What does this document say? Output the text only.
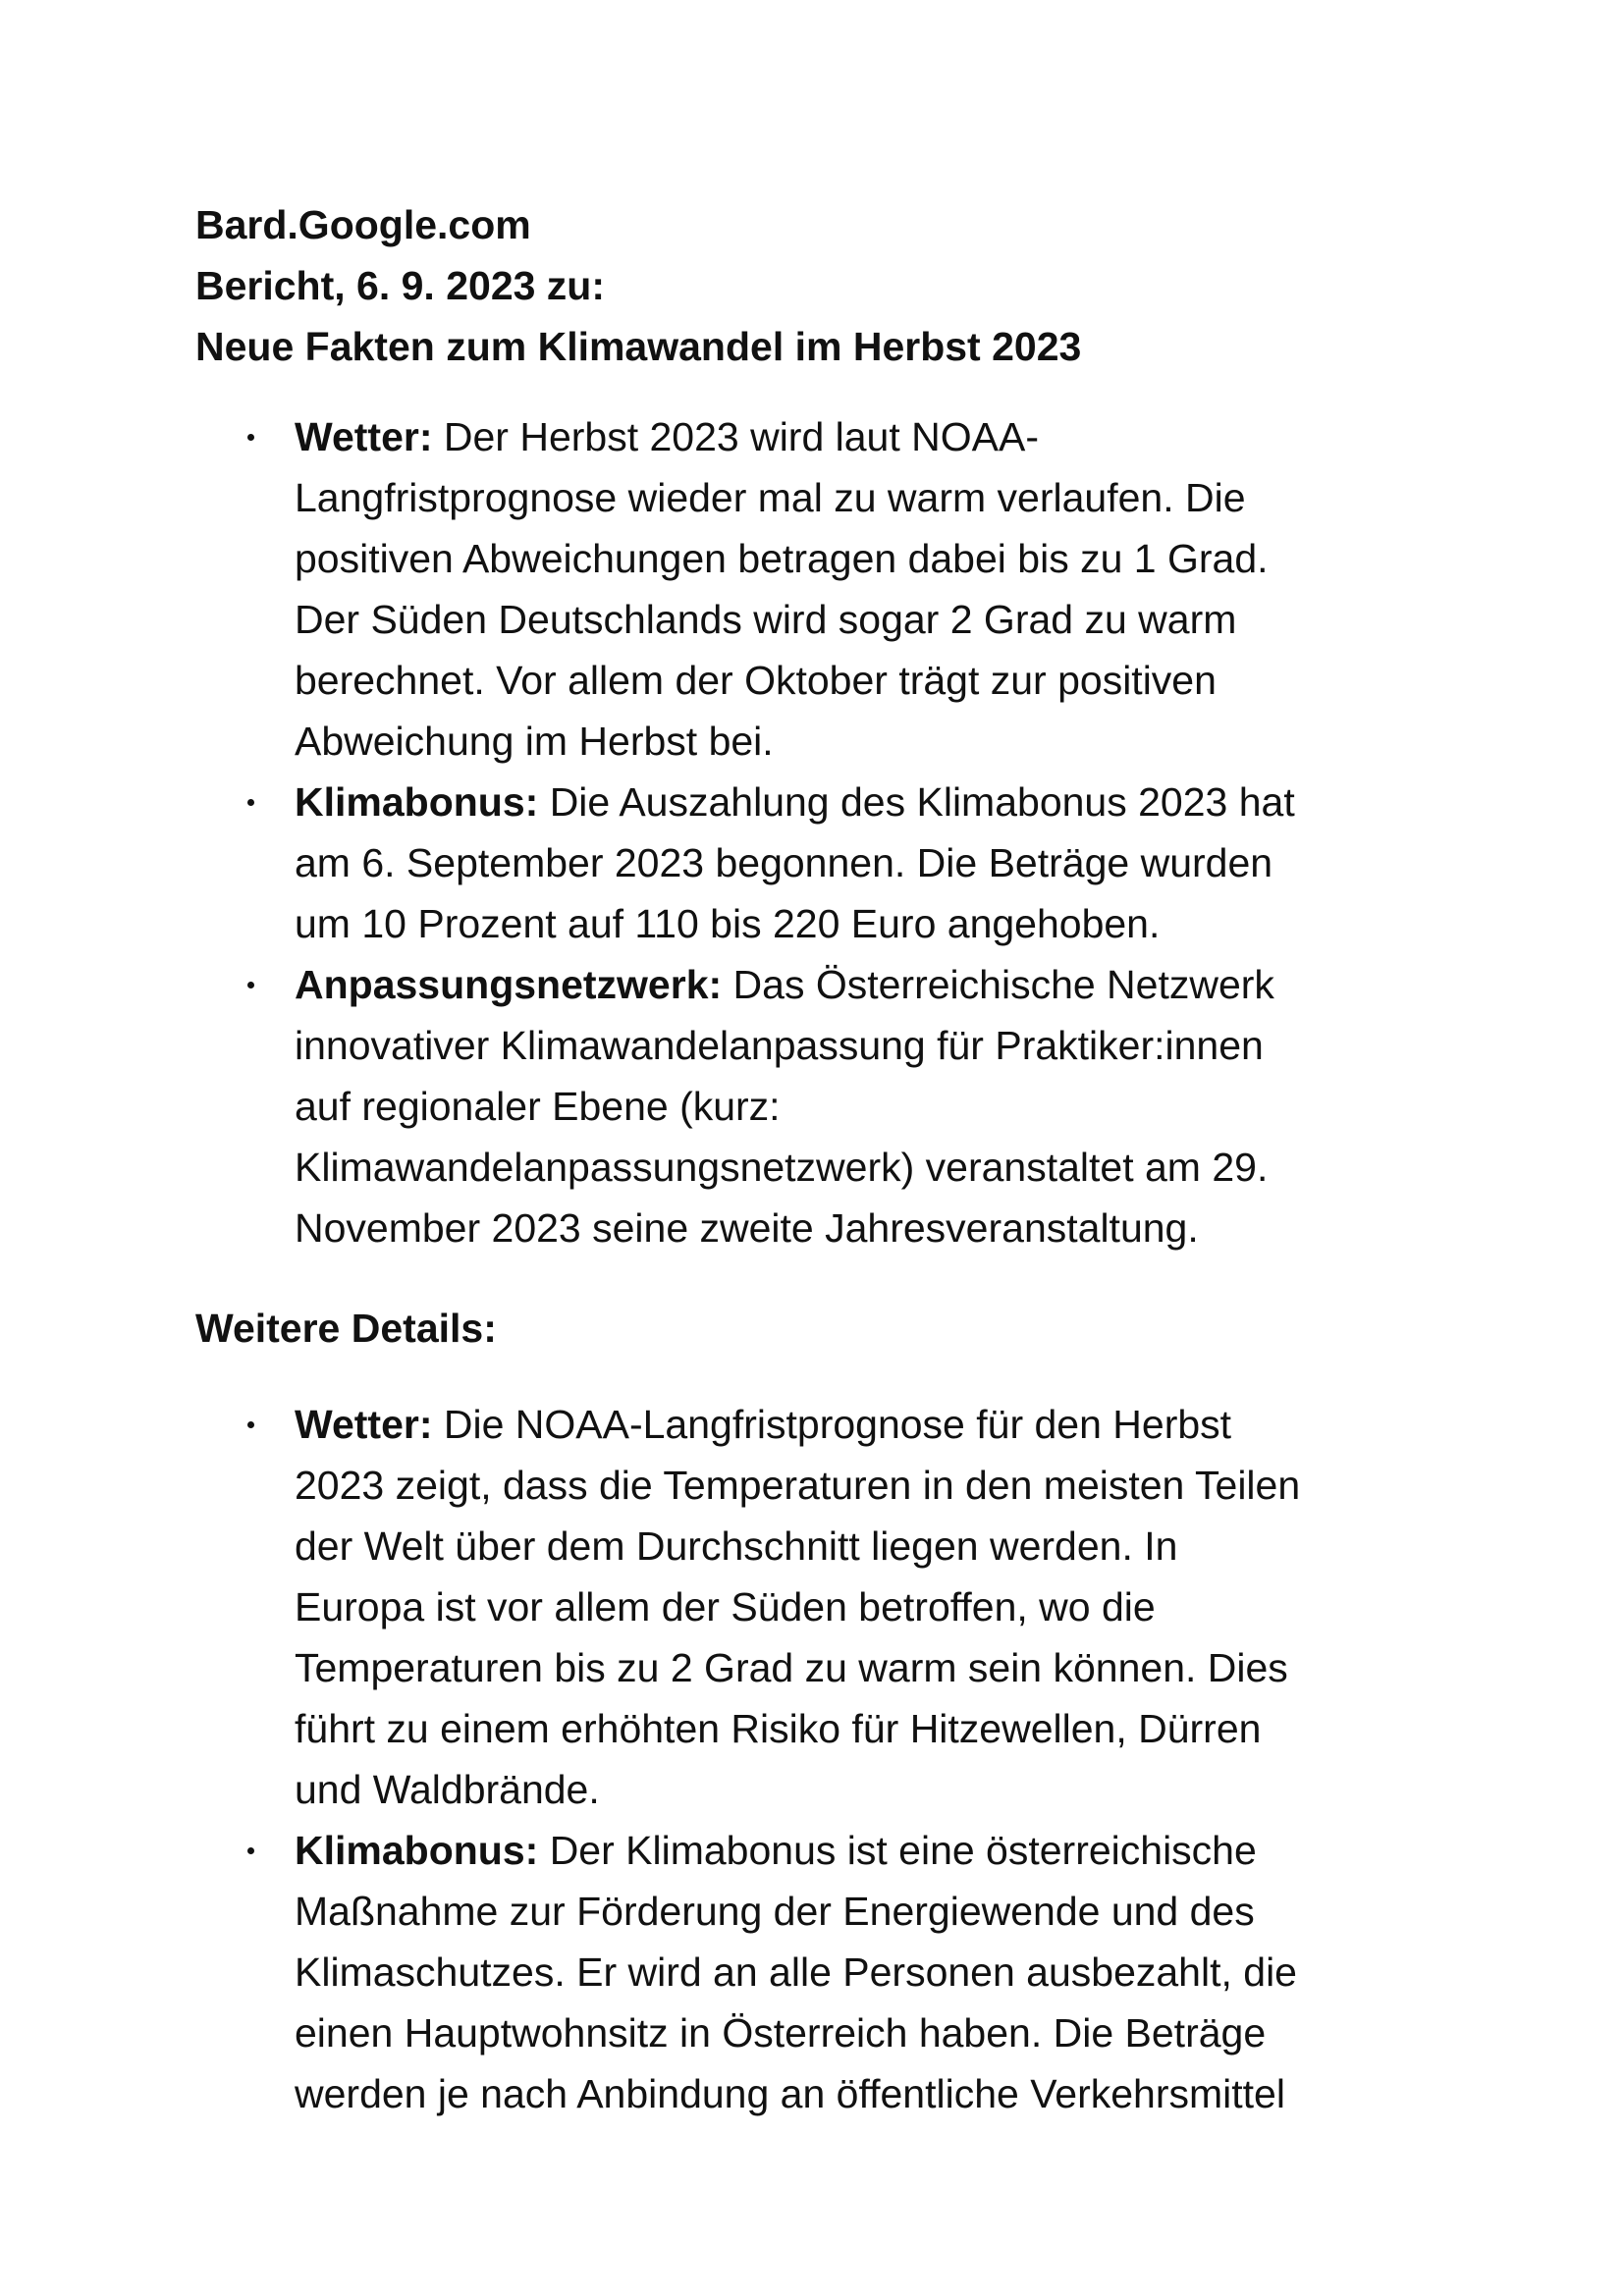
Bard.Google.com
Bericht, 6. 9. 2023 zu:
Neue Fakten zum Klimawandel im Herbst 2023
Wetter: Der Herbst 2023 wird laut NOAA-
Langfristprognose wieder mal zu warm verlaufen. Die
positiven Abweichungen betragen dabei bis zu 1 Grad.
Der Süden Deutschlands wird sogar 2 Grad zu warm
berechnet. Vor allem der Oktober trägt zur positiven
Abweichung im Herbst bei.
Klimabonus: Die Auszahlung des Klimabonus 2023 hat
am 6. September 2023 begonnen. Die Beträge wurden
um 10 Prozent auf 110 bis 220 Euro angehoben.
Anpassungsnetzwerk: Das Österreichische Netzwerk
innovativer Klimawandelanpassung für Praktiker:innen
auf regionaler Ebene (kurz:
Klimawandelanpassungsnetzwerk) veranstaltet am 29.
November 2023 seine zweite Jahresveranstaltung.
Weitere Details:
Wetter: Die NOAA-Langfristprognose für den Herbst
2023 zeigt, dass die Temperaturen in den meisten Teilen
der Welt über dem Durchschnitt liegen werden. In
Europa ist vor allem der Süden betroffen, wo die
Temperaturen bis zu 2 Grad zu warm sein können. Dies
führt zu einem erhöhten Risiko für Hitzewellen, Dürren
und Waldbrände.
Klimabonus: Der Klimabonus ist eine österreichische
Maßnahme zur Förderung der Energiewende und des
Klimaschutzes. Er wird an alle Personen ausbezahlt, die
einen Hauptwohnsitz in Österreich haben. Die Beträge
werden je nach Anbindung an öffentliche Verkehrsmittel
